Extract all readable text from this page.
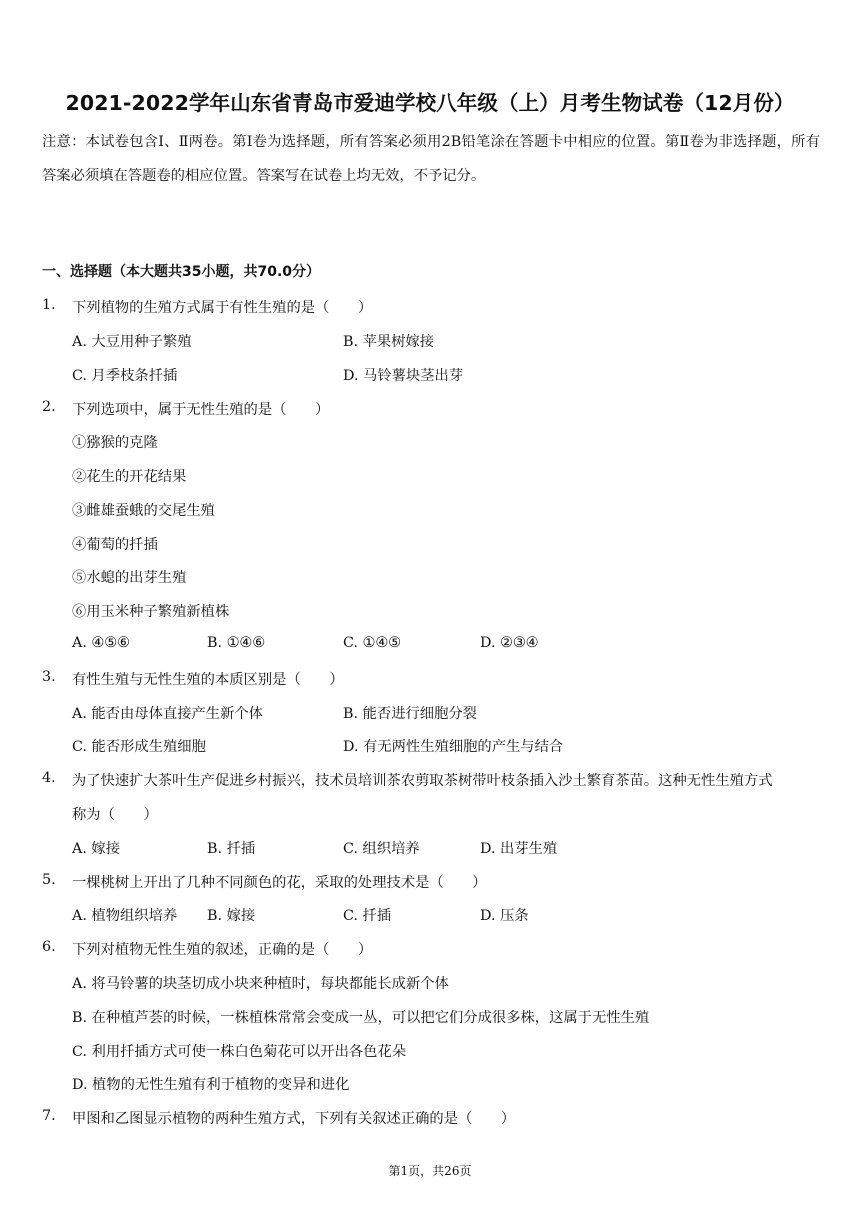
2021-2022学年山东省青岛市爱迪学校八年级（上）月考生物试卷（12月份）
注意：本试卷包含Ⅰ、Ⅱ两卷。第Ⅰ卷为选择题，所有答案必须用2B铅笔涂在答题卡中相应的位置。第Ⅱ卷为非选择题，所有答案必须填在答题卷的相应位置。答案写在试卷上均无效，不予记分。
一、选择题（本大题共35小题，共70.0分）
1. 下列植物的生殖方式属于有性生殖的是（　　）
A. 大豆用种子繁殖	B. 苹果树嫁接
C. 月季枝条扦插	D. 马铃薯块茎出芽
2. 下列选项中，属于无性生殖的是（　　）
①猕猴的克隆
②花生的开花结果
③雌雄蚕蛾的交尾生殖
④葡萄的扦插
⑤水螅的出芽生殖
⑥用玉米种子繁殖新植株
A. ④⑤⑥	B. ①④⑥	C. ①④⑤	D. ②③④
3. 有性生殖与无性生殖的本质区别是（　　）
A. 能否由母体直接产生新个体	B. 能否进行细胞分裂
C. 能否形成生殖细胞	D. 有无两性生殖细胞的产生与结合
4. 为了快速扩大茶叶生产促进乡村振兴，技术员培训茶农剪取茶树带叶枝条插入沙土繁育茶苗。这种无性生殖方式
称为（　　）
A. 嫁接	B. 扦插	C. 组织培养	D. 出芽生殖
5. 一棵桃树上开出了几种不同颜色的花，采取的处理技术是（　　）
A. 植物组织培养 B. 嫁接	C. 扦插	D. 压条
6. 下列对植物无性生殖的叙述，正确的是（　　）
A. 将马铃薯的块茎切成小块来种植时，每块都能长成新个体
B. 在种植芦荟的时候，一株植株常常会变成一丛，可以把它们分成很多株，这属于无性生殖
C. 利用扦插方式可使一株白色菊花可以开出各色花朵
D. 植物的无性生殖有利于植物的变异和进化
7. 甲图和乙图显示植物的两种生殖方式，下列有关叙述正确的是（　　）
第1页，共26页
